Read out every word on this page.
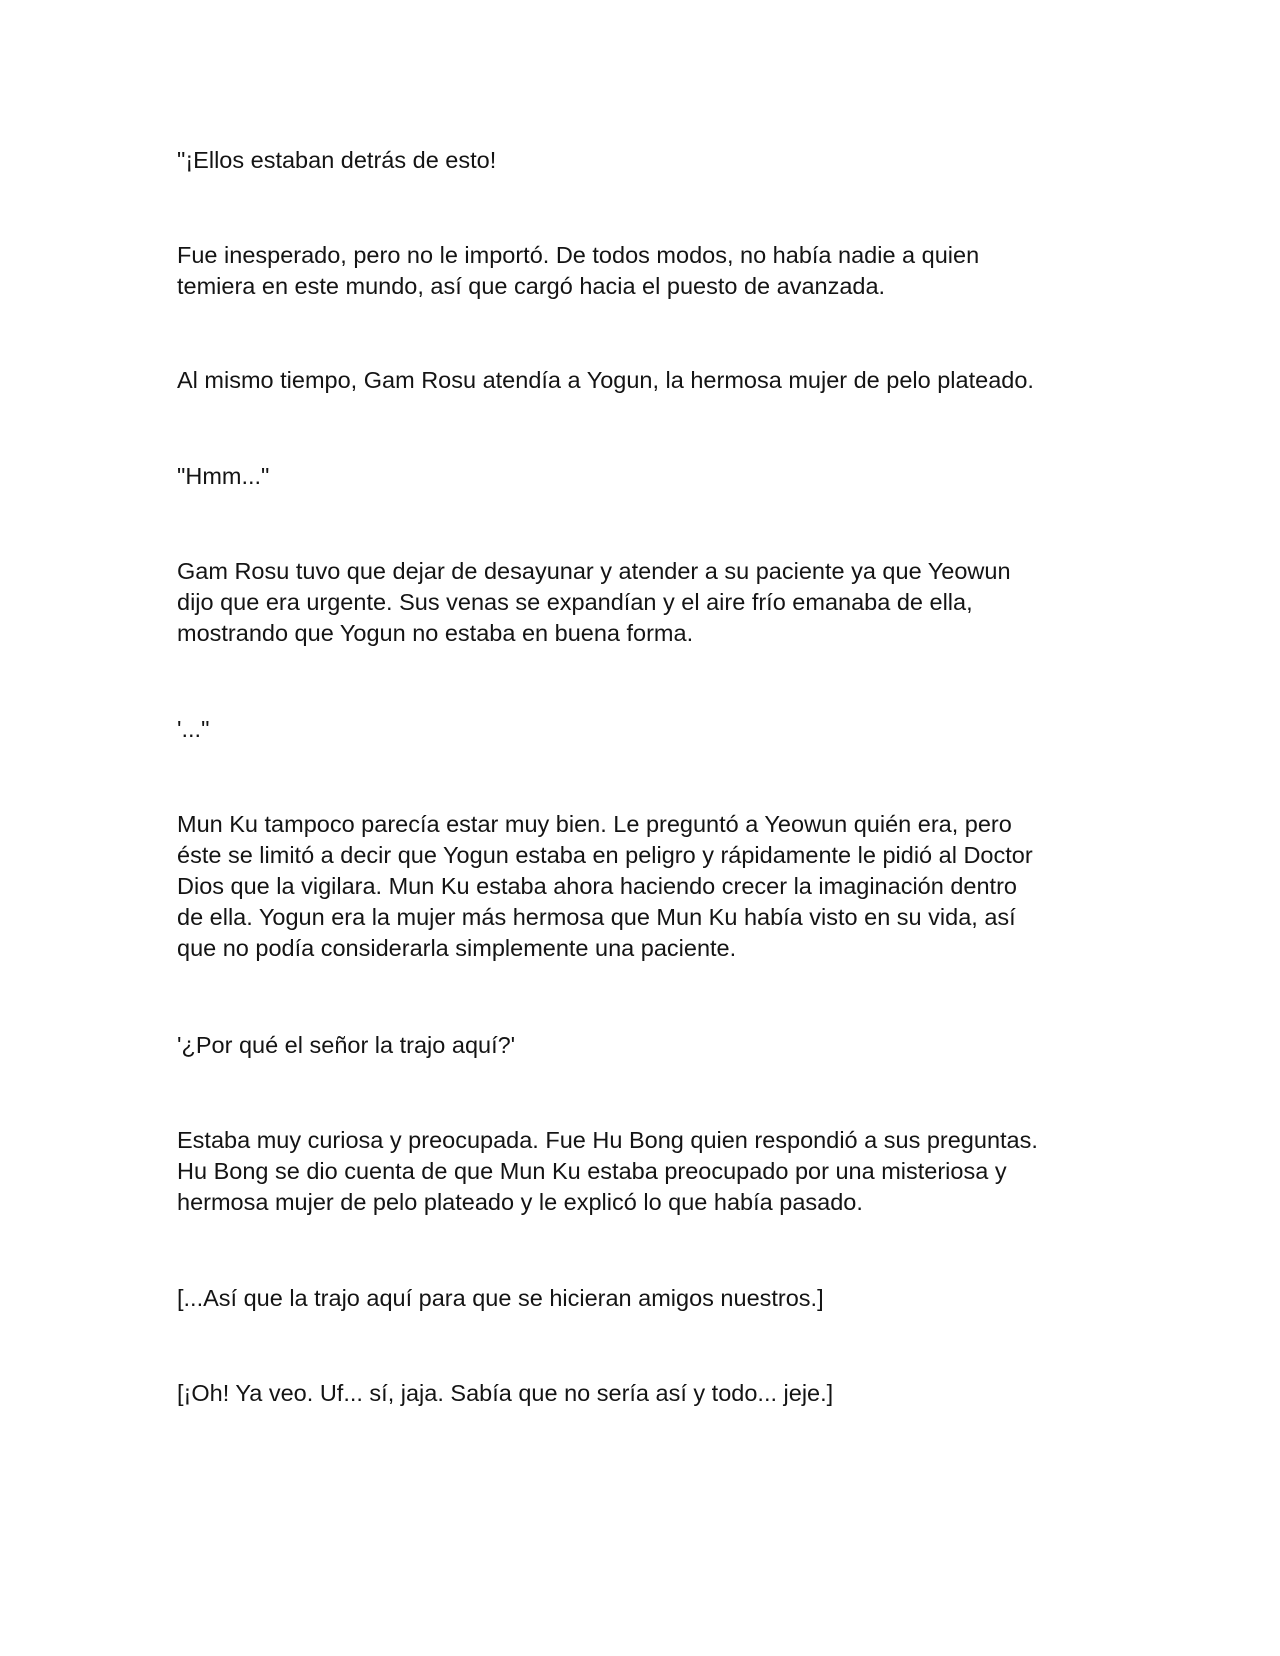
"¡Ellos estaban detrás de esto!

Fue inesperado, pero no le importó. De todos modos, no había nadie a quien
temiera en este mundo, así que cargó hacia el puesto de avanzada.

Al mismo tiempo, Gam Rosu atendía a Yogun, la hermosa mujer de pelo plateado.

"Hmm..."

Gam Rosu tuvo que dejar de desayunar y atender a su paciente ya que Yeowun
dijo que era urgente. Sus venas se expandían y el aire frío emanaba de ella,
mostrando que Yogun no estaba en buena forma.

'..."

Mun Ku tampoco parecía estar muy bien. Le preguntó a Yeowun quién era, pero
éste se limitó a decir que Yogun estaba en peligro y rápidamente le pidió al Doctor
Dios que la vigilara. Mun Ku estaba ahora haciendo crecer la imaginación dentro
de ella. Yogun era la mujer más hermosa que Mun Ku había visto en su vida, así
que no podía considerarla simplemente una paciente.

'¿Por qué el señor la trajo aquí?'

Estaba muy curiosa y preocupada. Fue Hu Bong quien respondió a sus preguntas.
Hu Bong se dio cuenta de que Mun Ku estaba preocupado por una misteriosa y
hermosa mujer de pelo plateado y le explicó lo que había pasado.

[...Así que la trajo aquí para que se hicieran amigos nuestros.]

[¡Oh! Ya veo. Uf... sí, jaja. Sabía que no sería así y todo... jeje.]
